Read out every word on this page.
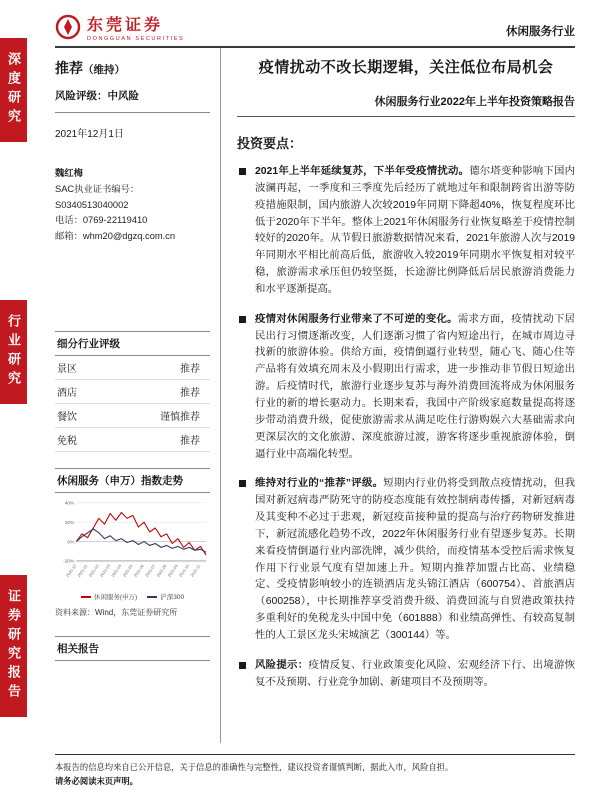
深度研究
行业研究
证券研究报告
东莞证券
DONGGUAN SECURITIES
休闲服务行业
推荐（维持）
风险评级：中风险
2021年12月1日
魏红梅
SAC执业证书编号：
S0340513040002
电话：0769-22119410
邮箱：whm20@dgzq.com.cn
细分行业评级
景区	推荐
酒店	推荐
餐饮	谨慎推荐
免税	推荐
休闲服务（申万）指数走势
-20%
0%
20%
40%
2020-12 2021-01 2021-02 2021-03 2021-04 2021-05 2021-06 2021-07 2021-08 2021-09 2021-10 2021-11
休闲服务(申万)	沪深300
资料来源：Wind，东莞证券研究所
相关报告
疫情扰动不改长期逻辑，关注低位布局机会
休闲服务行业2022年上半年投资策略报告
投资要点：

2021年上半年延续复苏，下半年受疫情扰动。德尔塔变种影响下国内波澜再起，一季度和三季度先后经历了就地过年和限制跨省出游等防疫措施限制，国内旅游人次较2019年同期下降超40%，恢复程度环比低于2020年下半年。整体上2021年休闲服务行业恢复略差于疫情控制较好的2020年。从节假日旅游数据情况来看，2021年旅游人次与2019年同期水平相比前高后低，旅游收入较2019年同期水平恢复相对较平稳，旅游需求承压但仍较坚挺，长途游比例降低后居民旅游消费能力和水平逐渐提高。

疫情对休闲服务行业带来了不可逆的变化。需求方面，疫情扰动下居民出行习惯逐渐改变，人们逐渐习惯了省内短途出行，在城市周边寻找新的旅游体验。供给方面，疫情倒逼行业转型，随心飞、随心住等产品将有效填充周末及小假期出行需求，进一步推动非节假日短途出游。后疫情时代，旅游行业逐步复苏与海外消费回流将成为休闲服务行业的新的增长驱动力。长期来看，我国中产阶级家庭数量提高将逐步带动消费升级，促使旅游需求从满足吃住行游购娱六大基础需求向更深层次的文化旅游、深度旅游过渡，游客将逐步重视旅游体验，倒逼行业中高端化转型。

维持对行业的“推荐”评级。短期内行业仍将受到散点疫情扰动，但我国对新冠病毒严防死守的防疫态度能有效控制病毒传播，对新冠病毒及其变种不必过于悲观，新冠疫苗接种量的提高与治疗药物研发推进下，新冠流感化趋势不改，2022年休闲服务行业有望逐步复苏。长期来看疫情倒逼行业内部洗牌，减少供给，而疫情基本受控后需求恢复作用下行业景气度有望加速上升。短期内推荐加盟占比高、业绩稳定、受疫情影响较小的连锁酒店龙头锦江酒店（600754）、首旅酒店（600258），中长期推荐享受消费升级、消费回流与自贸港政策扶持多重利好的免税龙头中国中免（601888）和业绩高弹性、有较高复制性的人工景区龙头宋城演艺（300144）等。

风险提示：疫情反复、行业政策变化风险、宏观经济下行、出境游恢复不及预期、行业竞争加剧、新建项目不及预期等。

本报告的信息均来自已公开信息，关于信息的准确性与完整性，建议投资者谨慎判断，据此入市，风险自担。
请务必阅读末页声明。
